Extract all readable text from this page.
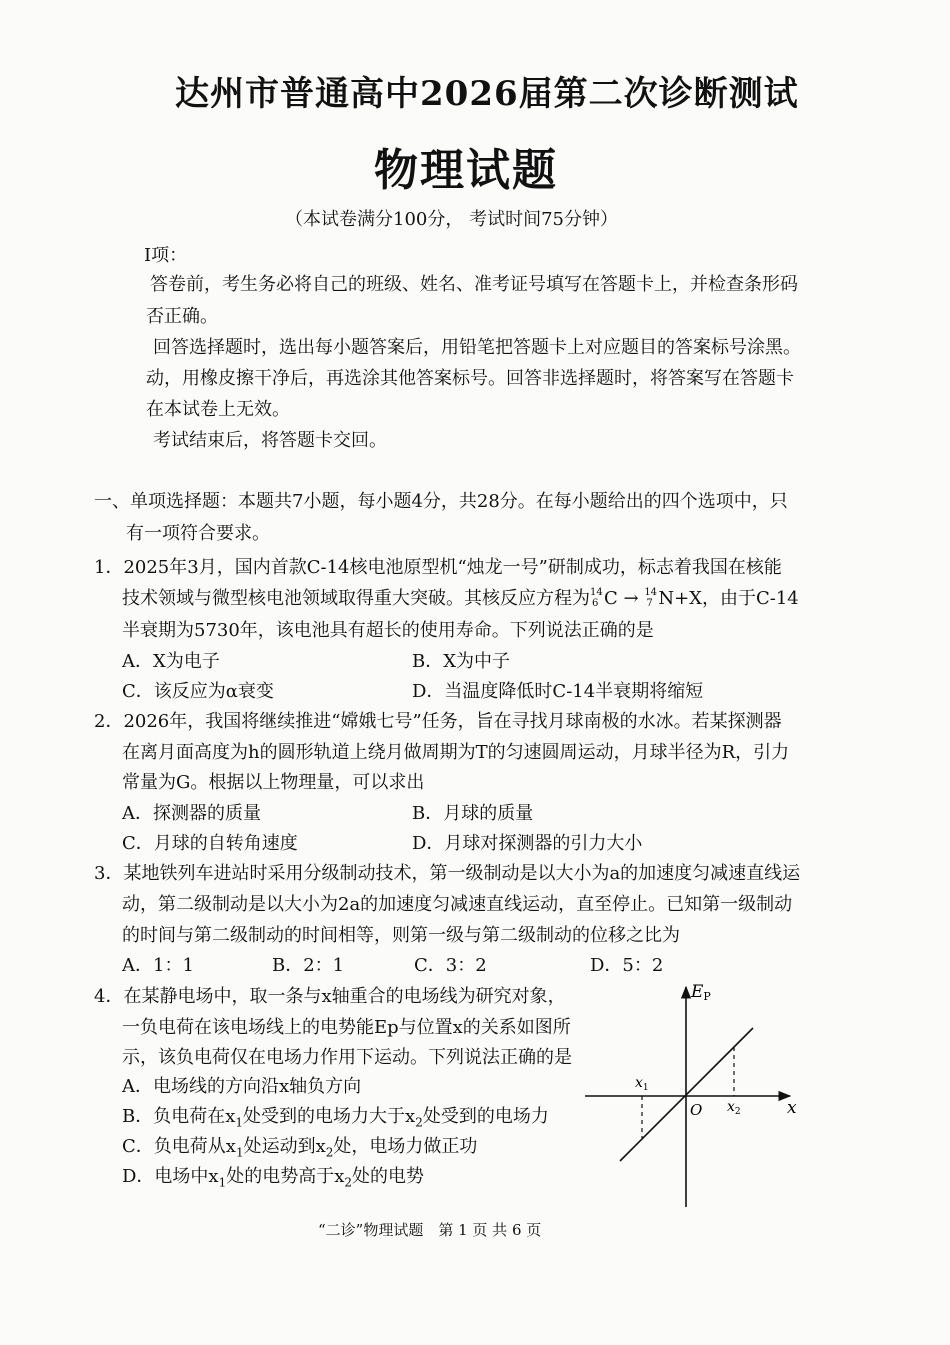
达州市普通高中2026届第二次诊断测试
物理试题
（本试卷满分100分， 考试时间75分钟）
Ι项：
答卷前，考生务必将自己的班级、姓名、准考证号填写在答题卡上，并检查条形码
否正确。
回答选择题时，选出每小题答案后，用铅笔把答题卡上对应题目的答案标号涂黑。
动，用橡皮擦干净后，再选涂其他答案标号。回答非选择题时，将答案写在答题卡
在本试卷上无效。
考试结束后，将答题卡交回。
一、单项选择题：本题共7小题，每小题4分，共28分。在每小题给出的四个选项中，只
有一项符合要求。
1．2025年3月，国内首款C-14核电池原型机“烛龙一号”研制成功，标志着我国在核能
技术领域与微型核电池领域取得重大突破。其核反应方程为 14
6 C → 14
7 N+X，由于C-14
半衰期为5730年，该电池具有超长的使用寿命。下列说法正确的是
A．X为电子	B．X为中子
C．该反应为α衰变	D．当温度降低时C-14半衰期将缩短
2．2026年，我国将继续推进“嫦娥七号”任务，旨在寻找月球南极的水冰。若某探测器
在离月面高度为h的圆形轨道上绕月做周期为T的匀速圆周运动，月球半径为R，引力
常量为G。根据以上物理量，可以求出
A．探测器的质量	B．月球的质量
C．月球的自转角速度	D．月球对探测器的引力大小
3．某地铁列车进站时采用分级制动技术，第一级制动是以大小为a的加速度匀减速直线运
动，第二级制动是以大小为2a的加速度匀减速直线运动，直至停止。已知第一级制动
的时间与第二级制动的时间相等，则第一级与第二级制动的位移之比为
A．1：1	B．2：1	C．3：2	D．5：2
4．在某静电场中，取一条与x轴重合的电场线为研究对象，
一负电荷在该电场线上的电势能Ep与位置x的关系如图所
示，该负电荷仅在电场力作用下运动。下列说法正确的是
A．电场线的方向沿x轴负方向
B．负电荷在$x_1$处受到的电场力大于$x_2$处受到的电场力
C．负电荷从$x_1$处运动到$x_2$处，电场力做正功
D．电场中$x_1$处的电势高于$x_2$处的电势
EP
x
O
$x_1$
$x_2$
“二诊”物理试题　第 1 页 共 6 页
